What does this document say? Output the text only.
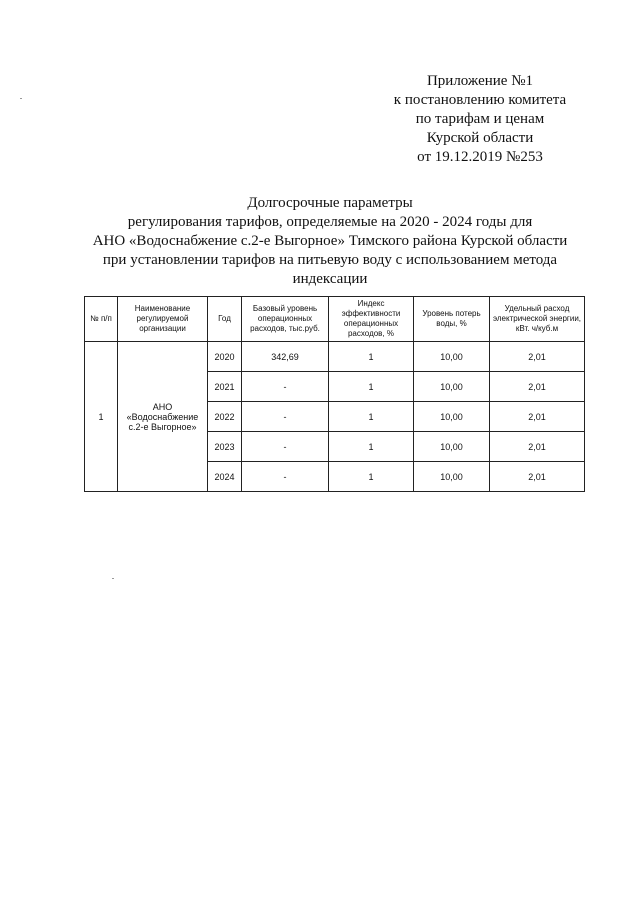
Приложение №1
к постановлению комитета
по тарифам и ценам
Курской области
от 19.12.2019 №253
Долгосрочные параметры
регулирования тарифов, определяемые на 2020 - 2024 годы для
АНО «Водоснабжение с.2-е Выгорное» Тимского района Курской области
при установлении тарифов на питьевую воду с использованием метода
индексации
№ п/п	Наименование регулируемой организации	Год	Базовый уровень операционных расходов, тыс.руб.	Индекс эффективности операционных расходов, %	Уровень потерь воды, %	Удельный расход электрической энергии, кВт. ч/куб.м
1	АНО «Водоснабжение с.2-е Выгорное»	2020	342,69	1	10,00	2,01
		2021	-	1	10,00	2,01
		2022	-	1	10,00	2,01
		2023	-	1	10,00	2,01
		2024	-	1	10,00	2,01
